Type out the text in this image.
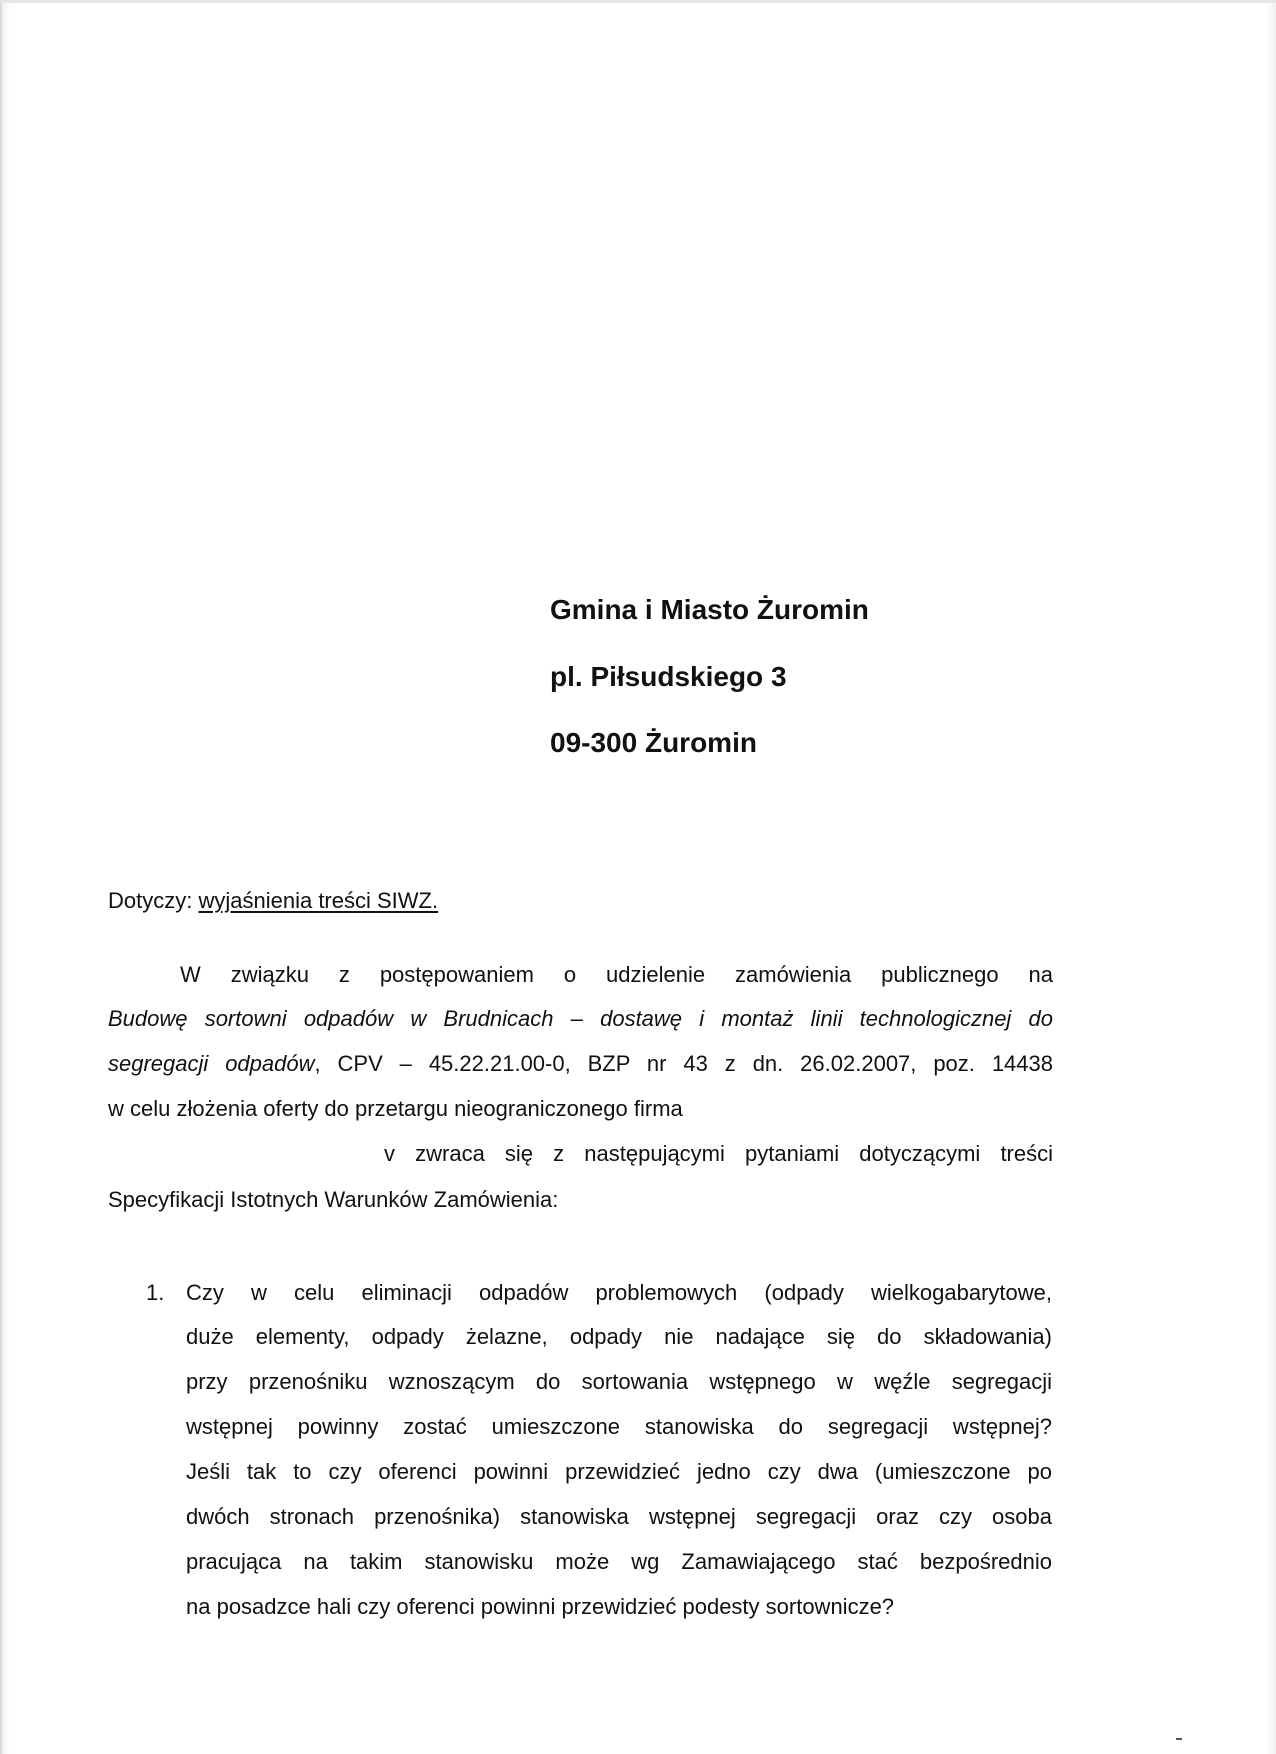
Gmina i Miasto Żuromin
pl. Piłsudskiego 3
09-300 Żuromin
Dotyczy: wyjaśnienia treści SIWZ.
W związku z postępowaniem o udzielenie zamówienia publicznego na
Budowę sortowni odpadów w Brudnicach – dostawę i montaż linii technologicznej do
segregacji odpadów, CPV – 45.22.21.00-0, BZP nr 43 z dn. 26.02.2007, poz. 14438
w celu złożenia oferty do przetargu nieograniczonego firma
v zwraca się z następującymi pytaniami dotyczącymi treści
Specyfikacji Istotnych Warunków Zamówienia:
1. Czy w celu eliminacji odpadów problemowych (odpady wielkogabarytowe,
duże elementy, odpady żelazne, odpady nie nadające się do składowania)
przy przenośniku wznoszącym do sortowania wstępnego w węźle segregacji
wstępnej powinny zostać umieszczone stanowiska do segregacji wstępnej?
Jeśli tak to czy oferenci powinni przewidzieć jedno czy dwa (umieszczone po
dwóch stronach przenośnika) stanowiska wstępnej segregacji oraz czy osoba
pracująca na takim stanowisku może wg Zamawiającego stać bezpośrednio
na posadzce hali czy oferenci powinni przewidzieć podesty sortownicze?
